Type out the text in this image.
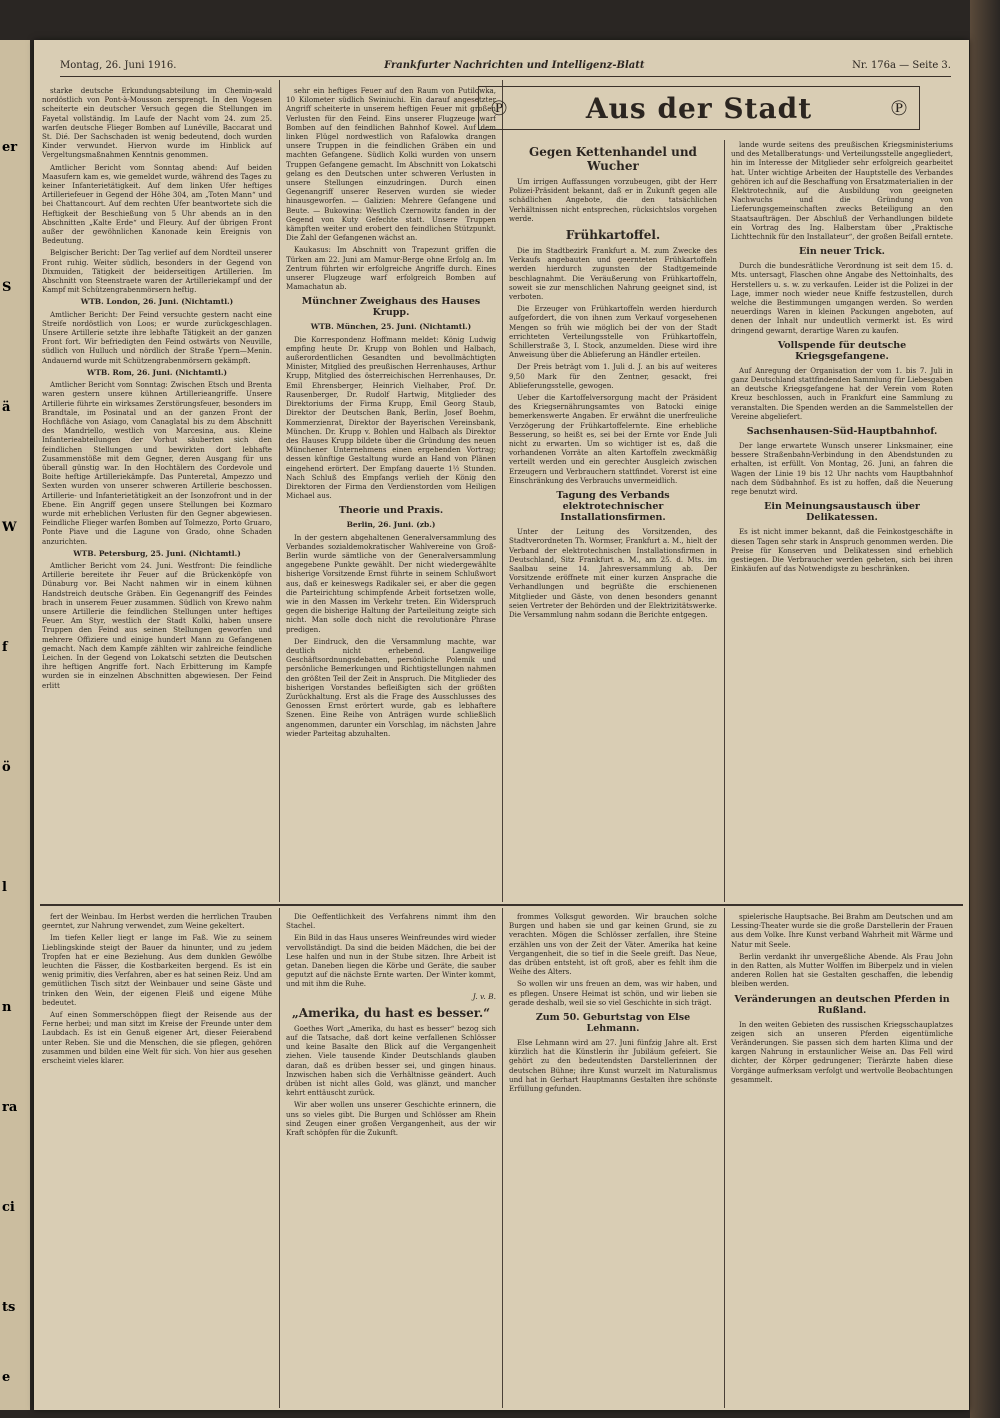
er
S
ä
W
f
ö
l
n
ra
ci
ts
e
Montag, 26. Juni 1916.	Frankfurter Nachrichten und Intelligenz-Blatt	Nr. 176a — Seite 3.

starke deutsche Erkundungsabteilung im Chemin-wald nordöstlich von Pont-à-Mousson zersprengt. In den Vogesen scheiterte ein deutscher Versuch gegen die Stellungen im Fayetal vollständig. Im Laufe der Nacht vom 24. zum 25. warfen deutsche Flieger Bomben auf Lunéville, Baccarat und St. Dié. Der Sachschaden ist wenig bedeutend, doch wurden Kinder verwundet. Hiervon wurde im Hinblick auf Vergeltungsmaßnahmen Kenntnis genommen.

Amtlicher Bericht vom Sonntag abend: Auf beiden Maasufern kam es, wie gemeldet wurde, während des Tages zu keiner Infanterietätigkeit. Auf dem linken Ufer heftiges Artilleriefeuer in Gegend der Höhe 304, am „Toten Mann“ und bei Chattancourt. Auf dem rechten Ufer beantwortete sich die Heftigkeit der Beschießung von 5 Uhr abends an in den Abschnitten „Kalte Erde“ und Fleury. Auf der übrigen Front außer der gewöhnlichen Kanonade kein Ereignis von Bedeutung.

Belgischer Bericht: Der Tag verlief auf dem Nordteil unserer Front ruhig. Weiter südlich, besonders in der Gegend von Dixmuiden, Tätigkeit der beiderseitigen Artillerien. Im Abschnitt von Steenstraete waren der Artilleriekampf und der Kampf mit Schützengrabenmörsern heftig.

WTB. London, 26. Juni. (Nichtamtl.)

Amtlicher Bericht: Der Feind versuchte gestern nacht eine Streife nordöstlich von Loos; er wurde zurückgeschlagen. Unsere Artillerie setzte ihre lebhafte Tätigkeit an der ganzen Front fort. Wir befriedigten den Feind ostwärts von Neuville, südlich von Hulluch und nördlich der Straße Ypern—Menin. Andauernd wurde mit Schützengrabenmörsern gekämpft.

WTB. Rom, 26. Juni. (Nichtamtl.)

Amtlicher Bericht vom Sonntag: Zwischen Etsch und Brenta waren gestern unsere kühnen Artillerieangriffe. Unsere Artillerie führte ein wirksames Zerstörungsfeuer, besonders im Brandtale, im Posinatal und an der ganzen Front der Hochfläche von Asiago, vom Canaglatal bis zu dem Abschnitt des Mandriello, westlich von Marcesina, aus. Kleine Infanterieabteilungen der Vorhut säuberten sich den feindlichen Stellungen und bewirkten dort lebhafte Zusammenstöße mit dem Gegner, deren Ausgang für uns überall günstig war. In den Hochtälern des Cordevole und Boite heftige Artilleriekämpfe. Das Punteretal, Ampezzo und Sexten wurden von unserer schweren Artillerie beschossen. Artillerie- und Infanterietätigkeit an der Isonzofront und in der Ebene. Ein Angriff gegen unsere Stellungen bei Kozmaro wurde mit erheblichen Verlusten für den Gegner abgewiesen. Feindliche Flieger warfen Bomben auf Tolmezzo, Porto Gruaro, Ponte Piave und die Lagune von Grado, ohne Schaden anzurichten.

WTB. Petersburg, 25. Juni. (Nichtamtl.)

Amtlicher Bericht vom 24. Juni. Westfront: Die feindliche Artillerie bereitete ihr Feuer auf die Brückenköpfe von Dünaburg vor. Bei Nacht nahmen wir in einem kühnen Handstreich deutsche Gräben. Ein Gegenangriff des Feindes brach in unserem Feuer zusammen. Südlich von Krewo nahm unsere Artillerie die feindlichen Stellungen unter heftiges Feuer. Am Styr, westlich der Stadt Kolki, haben unsere Truppen den Feind aus seinen Stellungen geworfen und mehrere Offiziere und einige hundert Mann zu Gefangenen gemacht. Nach dem Kampfe zählten wir zahlreiche feindliche Leichen. In der Gegend von Lokatschi setzten die Deutschen ihre heftigen Angriffe fort. Nach Erbitterung im Kampfe wurden sie in einzelnen Abschnitten abgewiesen. Der Feind erlitt

sehr ein heftiges Feuer auf den Raum von Putilowka, 10 Kilometer südlich Swiniuchi. Ein darauf angesetzter Angriff scheiterte in unserem heftigen Feuer mit großen Verlusten für den Feind. Eins unserer Flugzeuge warf Bomben auf den feindlichen Bahnhof Kowel. Auf dem linken Flügel nordwestlich von Rafalowka drangen unsere Truppen in die feindlichen Gräben ein und machten Gefangene. Südlich Kolki wurden von unsern Truppen Gefangene gemacht. Im Abschnitt von Lokatschi gelang es den Deutschen unter schweren Verlusten in unsere Stellungen einzudringen. Durch einen Gegenangriff unserer Reserven wurden sie wieder hinausgeworfen. — Galizien: Mehrere Gefangene und Beute. — Bukowina: Westlich Czernowitz fanden in der Gegend von Kuty Gefechte statt. Unsere Truppen kämpften weiter und erobert den feindlichen Stützpunkt. Die Zahl der Gefangenen wächst an.

Kaukasus: Im Abschnitt von Trapezunt griffen die Türken am 22. Juni am Mamur-Berge ohne Erfolg an. Im Zentrum führten wir erfolgreiche Angriffe durch. Eines unserer Flugzeuge warf erfolgreich Bomben auf Mamachatun ab.

Münchner Zweighaus des Hauses Krupp.
WTB. München, 25. Juni. (Nichtamtl.)

Die Korrespondenz Hoffmann meldet: König Ludwig empfing heute Dr. Krupp von Bohlen und Halbach, außerordentlichen Gesandten und bevollmächtigten Minister, Mitglied des preußischen Herrenhauses, Arthur Krupp, Mitglied des österreichischen Herrenhauses, Dr. Emil Ehrensberger, Heinrich Vielhaber, Prof. Dr. Rausenberger, Dr. Rudolf Hartwig, Mitglieder des Direktoriums der Firma Krupp, Emil Georg Staub, Direktor der Deutschen Bank, Berlin, Josef Boehm, Kommerzienrat, Direktor der Bayerischen Vereinsbank, München. Dr. Krupp v. Bohlen und Halbach als Direktor des Hauses Krupp bildete über die Gründung des neuen Münchener Unternehmens einen ergebenden Vortrag; dessen künftige Gestaltung wurde an Hand von Plänen eingehend erörtert. Der Empfang dauerte 1½ Stunden. Nach Schluß des Empfangs verlieh der König den Direktoren der Firma den Verdienstorden vom Heiligen Michael aus.

Theorie und Praxis.
Berlin, 26. Juni. (zb.)

In der gestern abgehaltenen Generalversammlung des Verbandes sozialdemokratischer Wahlvereine von Groß-Berlin wurde sämtliche von der Generalversammlung angegebene Punkte gewählt. Der nicht wiedergewählte bisherige Vorsitzende Ernst führte in seinem Schlußwort aus, daß er keineswegs Radikaler sei, er aber die gegen die Parteirichtung schimpfende Arbeit fortsetzen wolle, wie in den Massen im Verkehr treten. Ein Widerspruch gegen die bisherige Haltung der Parteileitung zeigte sich nicht. Man solle doch nicht die revolutionäre Phrase predigen.

Der Eindruck, den die Versammlung machte, war deutlich nicht erhebend. Langweilige Geschäftsordnungsdebatten, persönliche Polemik und persönliche Bemerkungen und Richtigstellungen nahmen den größten Teil der Zeit in Anspruch. Die Mitglieder des bisherigen Vorstandes befleißigten sich der größten Zurückhaltung. Erst als die Frage des Ausschlusses des Genossen Ernst erörtert wurde, gab es lebhaftere Szenen. Eine Reihe von Anträgen wurde schließlich angenommen, darunter ein Vorschlag, im nächsten Jahre wieder Parteitag abzuhalten.

℗	Aus der Stadt	℗
Gegen Kettenhandel und Wucher

Um irrigen Auffassungen vorzubeugen, gibt der Herr Polizei-Präsident bekannt, daß er in Zukunft gegen alle schädlichen Angebote, die den tatsächlichen Verhältnissen nicht entsprechen, rücksichtslos vorgehen werde.

Frühkartoffel.

Die im Stadtbezirk Frankfurt a. M. zum Zwecke des Verkaufs angebauten und geernteten Frühkartoffeln werden hierdurch zugunsten der Stadtgemeinde beschlagnahmt. Die Veräußerung von Frühkartoffeln, soweit sie zur menschlichen Nahrung geeignet sind, ist verboten.

Die Erzeuger von Frühkartoffeln werden hierdurch aufgefordert, die von ihnen zum Verkauf vorgesehenen Mengen so früh wie möglich bei der von der Stadt errichteten Verteilungsstelle von Frühkartoffeln, Schillerstraße 3, I. Stock, anzumelden. Diese wird ihre Anweisung über die Ablieferung an Händler erteilen.

Der Preis beträgt vom 1. Juli d. J. an bis auf weiteres 9,50 Mark für den Zentner, gesackt, frei Ablieferungsstelle, gewogen.

Ueber die Kartoffelversorgung macht der Präsident des Kriegsernährungsamtes von Batocki einige bemerkenswerte Angaben. Er erwähnt die unerfreuliche Verzögerung der Frühkartoffelernte. Eine erhebliche Besserung, so heißt es, sei bei der Ernte vor Ende Juli nicht zu erwarten. Um so wichtiger ist es, daß die vorhandenen Vorräte an alten Kartoffeln zweckmäßig verteilt werden und ein gerechter Ausgleich zwischen Erzeugern und Verbrauchern stattfindet. Vorerst ist eine Einschränkung des Verbrauchs unvermeidlich.

Tagung des Verbands elektrotechnischer Installationsfirmen.

Unter der Leitung des Vorsitzenden, des Stadtverordneten Th. Wormser, Frankfurt a. M., hielt der Verband der elektrotechnischen Installationsfirmen in Deutschland, Sitz Frankfurt a. M., am 25. d. Mts. im Saalbau seine 14. Jahresversammlung ab. Der Vorsitzende eröffnete mit einer kurzen Ansprache die Verhandlungen und begrüßte die erschienenen Mitglieder und Gäste, von denen besonders genannt seien Vertreter der Behörden und der Elektrizitätswerke. Die Versammlung nahm sodann die Berichte entgegen.

lande wurde seitens des preußischen Kriegsministeriums und des Metallberatungs- und Verteilungsstelle angegliedert, hin im Interesse der Mitglieder sehr erfolgreich gearbeitet hat. Unter wichtige Arbeiten der Hauptstelle des Verbandes gehören ich auf die Beschaffung von Ersatzmaterialien in der Elektrotechnik, auf die Ausbildung von geeigneten Nachwuchs und die Gründung von Lieferungsgemeinschaften zwecks Beteiligung an den Staatsaufträgen. Der Abschluß der Verhandlungen bildete ein Vortrag des Ing. Halberstam über „Praktische Lichttechnik für den Installateur“, der großen Beifall erntete.

Ein neuer Trick.

Durch die bundesrätliche Verordnung ist seit dem 15. d. Mts. untersagt, Flaschen ohne Angabe des Nettoinhalts, des Herstellers u. s. w. zu verkaufen. Leider ist die Polizei in der Lage, immer noch wieder neue Kniffe festzustellen, durch welche die Bestimmungen umgangen werden. So werden neuerdings Waren in kleinen Packungen angeboten, auf denen der Inhalt nur undeutlich vermerkt ist. Es wird dringend gewarnt, derartige Waren zu kaufen.

Vollspende für deutsche Kriegsgefangene.

Auf Anregung der Organisation der vom 1. bis 7. Juli in ganz Deutschland stattfindenden Sammlung für Liebesgaben an deutsche Kriegsgefangene hat der Verein vom Roten Kreuz beschlossen, auch in Frankfurt eine Sammlung zu veranstalten. Die Spenden werden an die Sammelstellen der Vereine abgeliefert.

Sachsenhausen-Süd-Hauptbahnhof.

Der lange erwartete Wunsch unserer Linksmainer, eine bessere Straßenbahn-Verbindung in den Abendstunden zu erhalten, ist erfüllt. Von Montag, 26. Juni, an fahren die Wagen der Linie 19 bis 12 Uhr nachts vom Hauptbahnhof nach dem Südbahnhof. Es ist zu hoffen, daß die Neuerung rege benutzt wird.

Ein Meinungsaustausch über Delikatessen.

Es ist nicht immer bekannt, daß die Feinkostgeschäfte in diesen Tagen sehr stark in Anspruch genommen werden. Die Preise für Konserven und Delikatessen sind erheblich gestiegen. Die Verbraucher werden gebeten, sich bei ihren Einkäufen auf das Notwendigste zu beschränken.

fert der Weinbau. Im Herbst werden die herrlichen Trauben geerntet, zur Nahrung verwendet, zum Weine gekeltert.

Im tiefen Keller liegt er lange im Faß. Wie zu seinem Lieblingskinde steigt der Bauer da hinunter, und zu jedem Tropfen hat er eine Beziehung. Aus dem dunklen Gewölbe leuchten die Fässer, die Kostbarkeiten bergend. Es ist ein wenig primitiv, dies Verfahren, aber es hat seinen Reiz. Und am gemütlichen Tisch sitzt der Weinbauer und seine Gäste und trinken den Wein, der eigenen Fleiß und eigene Mühe bedeutet.

Auf einen Sommerschöppen fliegt der Reisende aus der Ferne herbei; und man sitzt im Kreise der Freunde unter dem Laubdach. Es ist ein Genuß eigener Art, dieser Feierabend unter Reben. Sie und die Menschen, die sie pflegen, gehören zusammen und bilden eine Welt für sich. Von hier aus gesehen erscheint vieles klarer.

Die Oeffentlichkeit des Verfahrens nimmt ihm den Stachel.

Ein Bild in das Haus unseres Weinfreundes wird wieder vervollständigt. Da sind die beiden Mädchen, die bei der Lese halfen und nun in der Stube sitzen. Ihre Arbeit ist getan. Daneben liegen die Körbe und Geräte, die sauber geputzt auf die nächste Ernte warten. Der Winter kommt, und mit ihm die Ruhe.

J. v. B.
„Amerika, du hast es besser.“

Goethes Wort „Amerika, du hast es besser“ bezog sich auf die Tatsache, daß dort keine verfallenen Schlösser und keine Basalte den Blick auf die Vergangenheit ziehen. Viele tausende Kinder Deutschlands glauben daran, daß es drüben besser sei, und gingen hinaus. Inzwischen haben sich die Verhältnisse geändert. Auch drüben ist nicht alles Gold, was glänzt, und mancher kehrt enttäuscht zurück.

Wir aber wollen uns unserer Geschichte erinnern, die uns so vieles gibt. Die Burgen und Schlösser am Rhein sind Zeugen einer großen Vergangenheit, aus der wir Kraft schöpfen für die Zukunft.

frommes Volksgut geworden. Wir brauchen solche Burgen und haben sie und gar keinen Grund, sie zu verachten. Mögen die Schlösser zerfallen, ihre Steine erzählen uns von der Zeit der Väter. Amerika hat keine Vergangenheit, die so tief in die Seele greift. Das Neue, das drüben entsteht, ist oft groß, aber es fehlt ihm die Weihe des Alters.

So wollen wir uns freuen an dem, was wir haben, und es pflegen. Unsere Heimat ist schön, und wir lieben sie gerade deshalb, weil sie so viel Geschichte in sich trägt.

Zum 50. Geburtstag von Else Lehmann.

Else Lehmann wird am 27. Juni fünfzig Jahre alt. Erst kürzlich hat die Künstlerin ihr Jubiläum gefeiert. Sie gehört zu den bedeutendsten Darstellerinnen der deutschen Bühne; ihre Kunst wurzelt im Naturalismus und hat in Gerhart Hauptmanns Gestalten ihre schönste Erfüllung gefunden.

spielerische Hauptsache. Bei Brahm am Deutschen und am Lessing-Theater wurde sie die große Darstellerin der Frauen aus dem Volke. Ihre Kunst verband Wahrheit mit Wärme und Natur mit Seele.

Berlin verdankt ihr unvergeßliche Abende. Als Frau John in den Ratten, als Mutter Wolffen im Biberpelz und in vielen anderen Rollen hat sie Gestalten geschaffen, die lebendig bleiben werden.

Veränderungen an deutschen Pferden in Rußland.

In den weiten Gebieten des russischen Kriegsschauplatzes zeigen sich an unseren Pferden eigentümliche Veränderungen. Sie passen sich dem harten Klima und der kargen Nahrung in erstaunlicher Weise an. Das Fell wird dichter, der Körper gedrungener; Tierärzte haben diese Vorgänge aufmerksam verfolgt und wertvolle Beobachtungen gesammelt.
